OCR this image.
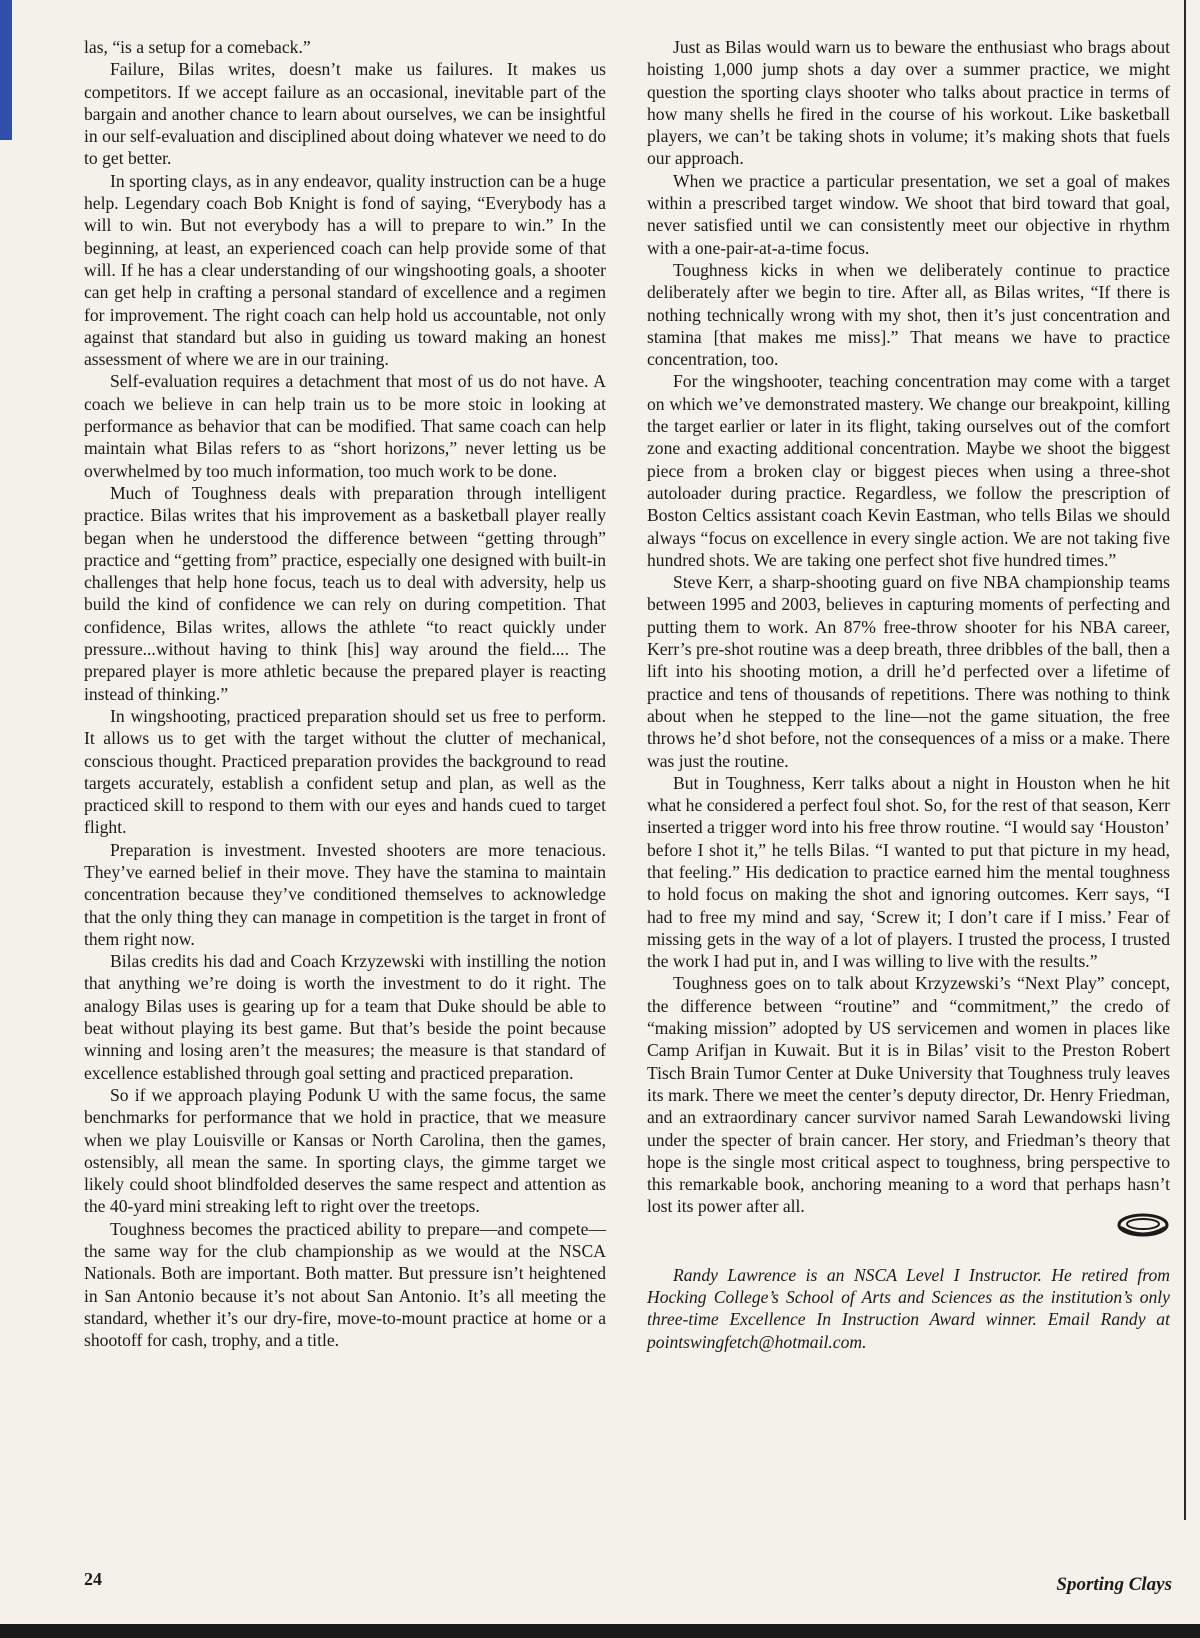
las, “is a setup for a comeback.”

Failure, Bilas writes, doesn’t make us failures. It makes us competitors. If we accept failure as an occasional, inevitable part of the bargain and another chance to learn about ourselves, we can be insightful in our self-evaluation and disciplined about doing whatever we need to do to get better.

In sporting clays, as in any endeavor, quality instruction can be a huge help. Legendary coach Bob Knight is fond of saying, “Everybody has a will to win. But not everybody has a will to prepare to win.” In the beginning, at least, an experienced coach can help provide some of that will. If he has a clear understanding of our wingshooting goals, a shooter can get help in crafting a personal standard of excellence and a regimen for improvement. The right coach can help hold us accountable, not only against that standard but also in guiding us toward making an honest assessment of where we are in our training.

Self-evaluation requires a detachment that most of us do not have. A coach we believe in can help train us to be more stoic in looking at performance as behavior that can be modified. That same coach can help maintain what Bilas refers to as “short horizons,” never letting us be overwhelmed by too much information, too much work to be done.

Much of Toughness deals with preparation through intelligent practice. Bilas writes that his improvement as a basketball player really began when he understood the difference between “getting through” practice and “getting from” practice, especially one designed with built-in challenges that help hone focus, teach us to deal with adversity, help us build the kind of confidence we can rely on during competition. That confidence, Bilas writes, allows the athlete “to react quickly under pressure...without having to think [his] way around the field.... The prepared player is more athletic because the prepared player is reacting instead of thinking.”

In wingshooting, practiced preparation should set us free to perform. It allows us to get with the target without the clutter of mechanical, conscious thought. Practiced preparation provides the background to read targets accurately, establish a confident setup and plan, as well as the practiced skill to respond to them with our eyes and hands cued to target flight.

Preparation is investment. Invested shooters are more tenacious. They’ve earned belief in their move. They have the stamina to maintain concentration because they’ve conditioned themselves to acknowledge that the only thing they can manage in competition is the target in front of them right now.

Bilas credits his dad and Coach Krzyzewski with instilling the notion that anything we’re doing is worth the investment to do it right. The analogy Bilas uses is gearing up for a team that Duke should be able to beat without playing its best game. But that’s beside the point because winning and losing aren’t the measures; the measure is that standard of excellence established through goal setting and practiced preparation.

So if we approach playing Podunk U with the same focus, the same benchmarks for performance that we hold in practice, that we measure when we play Louisville or Kansas or North Carolina, then the games, ostensibly, all mean the same. In sporting clays, the gimme target we likely could shoot blindfolded deserves the same respect and attention as the 40-yard mini streaking left to right over the treetops.

Toughness becomes the practiced ability to prepare—and compete—the same way for the club championship as we would at the NSCA Nationals. Both are important. Both matter. But pressure isn’t heightened in San Antonio because it’s not about San Antonio. It’s all meeting the standard, whether it’s our dry-fire, move-to-mount practice at home or a shootoff for cash, trophy, and a title.

Just as Bilas would warn us to beware the enthusiast who brags about hoisting 1,000 jump shots a day over a summer practice, we might question the sporting clays shooter who talks about practice in terms of how many shells he fired in the course of his workout. Like basketball players, we can’t be taking shots in volume; it’s making shots that fuels our approach.

When we practice a particular presentation, we set a goal of makes within a prescribed target window. We shoot that bird toward that goal, never satisfied until we can consistently meet our objective in rhythm with a one-pair-at-a-time focus.

Toughness kicks in when we deliberately continue to practice deliberately after we begin to tire. After all, as Bilas writes, “If there is nothing technically wrong with my shot, then it’s just concentration and stamina [that makes me miss].” That means we have to practice concentration, too.

For the wingshooter, teaching concentration may come with a target on which we’ve demonstrated mastery. We change our breakpoint, killing the target earlier or later in its flight, taking ourselves out of the comfort zone and exacting additional concentration. Maybe we shoot the biggest piece from a broken clay or biggest pieces when using a three-shot autoloader during practice. Regardless, we follow the prescription of Boston Celtics assistant coach Kevin Eastman, who tells Bilas we should always “focus on excellence in every single action. We are not taking five hundred shots. We are taking one perfect shot five hundred times.”

Steve Kerr, a sharp-shooting guard on five NBA championship teams between 1995 and 2003, believes in capturing moments of perfecting and putting them to work. An 87% free-throw shooter for his NBA career, Kerr’s pre-shot routine was a deep breath, three dribbles of the ball, then a lift into his shooting motion, a drill he’d perfected over a lifetime of practice and tens of thousands of repetitions. There was nothing to think about when he stepped to the line—not the game situation, the free throws he’d shot before, not the consequences of a miss or a make. There was just the routine.

But in Toughness, Kerr talks about a night in Houston when he hit what he considered a perfect foul shot. So, for the rest of that season, Kerr inserted a trigger word into his free throw routine. “I would say ‘Houston’ before I shot it,” he tells Bilas. “I wanted to put that picture in my head, that feeling.” His dedication to practice earned him the mental toughness to hold focus on making the shot and ignoring outcomes. Kerr says, “I had to free my mind and say, ‘Screw it; I don’t care if I miss.’ Fear of missing gets in the way of a lot of players. I trusted the process, I trusted the work I had put in, and I was willing to live with the results.”

Toughness goes on to talk about Krzyzewski’s “Next Play” concept, the difference between “routine” and “commitment,” the credo of “making mission” adopted by US servicemen and women in places like Camp Arifjan in Kuwait. But it is in Bilas’ visit to the Preston Robert Tisch Brain Tumor Center at Duke University that Toughness truly leaves its mark. There we meet the center’s deputy director, Dr. Henry Friedman, and an extraordinary cancer survivor named Sarah Lewandowski living under the specter of brain cancer. Her story, and Friedman’s theory that hope is the single most critical aspect to toughness, bring perspective to this remarkable book, anchoring meaning to a word that perhaps hasn’t lost its power after all.

Randy Lawrence is an NSCA Level I Instructor. He retired from Hocking College’s School of Arts and Sciences as the institution’s only three-time Excellence In Instruction Award winner. Email Randy at pointswingfetch@hotmail.com.

24	Sporting Clays
